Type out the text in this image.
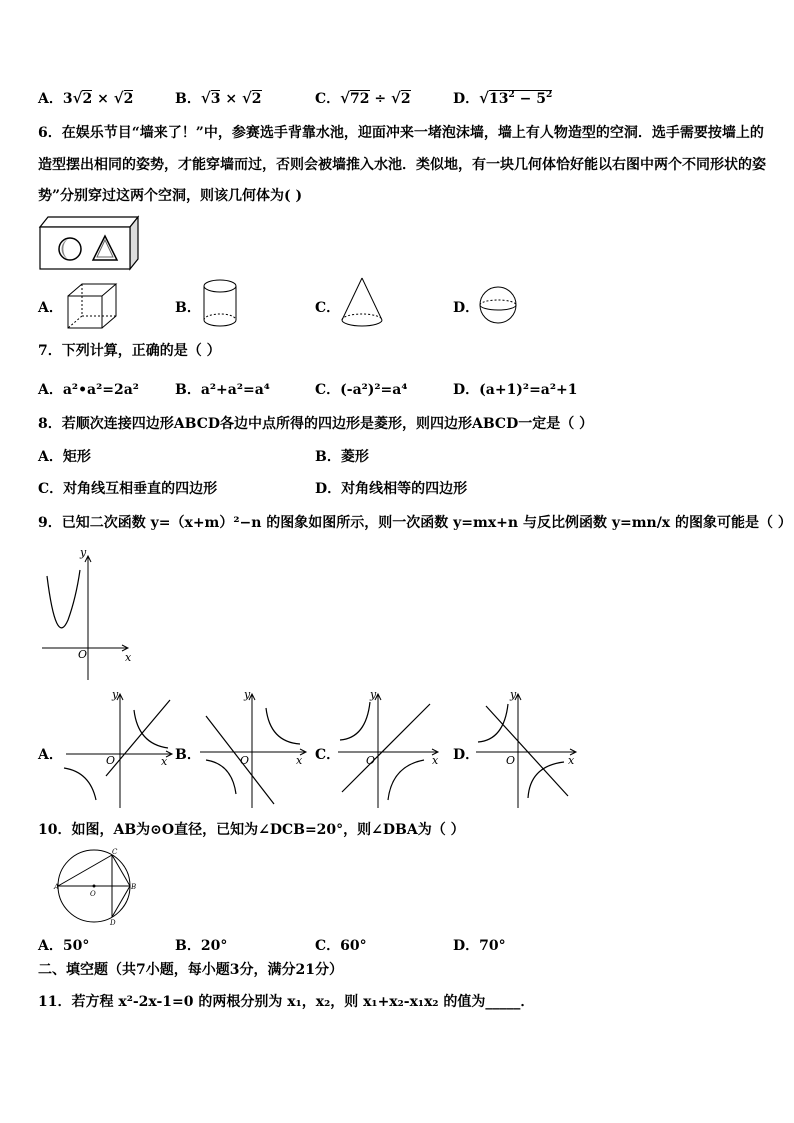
A．3√2 × √2	B．√3 × √2	C．√72 ÷ √2	D．$√13^2 - 5^2$
6．在娱乐节目“墙来了！”中，参赛选手背靠水池，迎面冲来一堵泡沫墙，墙上有人物造型的空洞．选手需要按墙上的
造型摆出相同的姿势，才能穿墙而过，否则会被墙推入水池．类似地，有一块几何体恰好能以右图中两个不同形状的姿
势”分别穿过这两个空洞，则该几何体为( )
A．	B．	C．	D．
7．下列计算，正确的是（ ）
A．a²•a²=2a²	B．a²+a²=a⁴	C．(-a²)²=a⁴	D．(a+1)²=a²+1
8．若顺次连接四边形ABCD各边中点所得的四边形是菱形，则四边形ABCD一定是（ ）
A．矩形	B．菱形
C．对角线互相垂直的四边形	D．对角线相等的四边形
9．已知二次函数 y=（x+m）²−n 的图象如图所示，则一次函数 y=mx+n 与反比例函数 y=mn/x 的图象可能是（ ）
O	x
y
A．	O	x
y
B．	O	x
y
C． O	x
y
D． O	x
y
10．如图，AB为⊙O直径，已知为∠DCB=20°，则∠DBA为（ ）
C
A	B
O
D
A．50°	B．20°	C．60°	D．70°
二、填空题（共7小题，每小题3分，满分21分）
11．若方程 x²-2x-1=0 的两根分别为 x₁，x₂，则 x₁+x₂-x₁x₂ 的值为_____．
